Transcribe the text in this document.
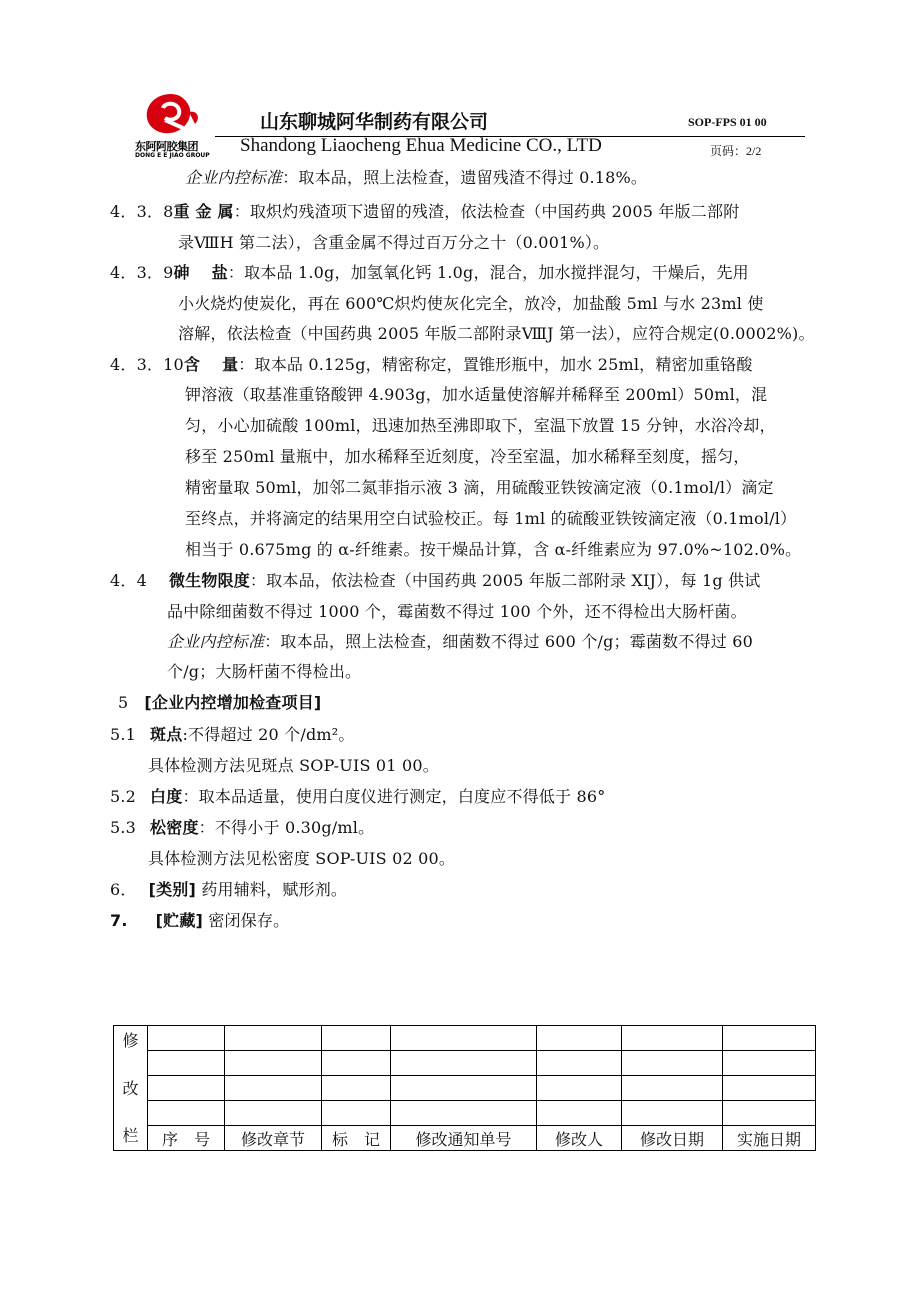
东阿阿胶集团
DONG E E JIAO GROUP
山东聊城阿华制药有限公司	SOP-FPS 01 00
Shandong Liaocheng Ehua Medicine CO., LTD	页码：2/2
企业内控标准：取本品，照上法检查，遗留残渣不得过 0.18%。
4．3．8重 金 属：取炽灼残渣项下遗留的残渣，依法检查（中国药典 2005 年版二部附
录ⅧH 第二法），含重金属不得过百万分之十（0.001%）。
4．3．9砷　 盐：取本品 1.0g，加氢氧化钙 1.0g，混合，加水搅拌混匀，干燥后，先用
小火烧灼使炭化，再在 600℃炽灼使灰化完全，放冷，加盐酸 5ml 与水 23ml 使
溶解，依法检查（中国药典 2005 年版二部附录ⅧJ 第一法），应符合规定(0.0002%)。
4．3．10含　 量：取本品 0.125g，精密称定，置锥形瓶中，加水 25ml，精密加重铬酸
钾溶液（取基准重铬酸钾 4.903g，加水适量使溶解并稀释至 200ml）50ml，混
匀，小心加硫酸 100ml，迅速加热至沸即取下，室温下放置 15 分钟，水浴冷却，
移至 250ml 量瓶中，加水稀释至近刻度，冷至室温，加水稀释至刻度，摇匀，
精密量取 50ml，加邻二氮菲指示液 3 滴，用硫酸亚铁铵滴定液（0.1mol/l）滴定
至终点，并将滴定的结果用空白试验校正。每 1ml 的硫酸亚铁铵滴定液（0.1mol/l）
相当于 0.675mg 的 α-纤维素。按干燥品计算，含 α-纤维素应为 97.0%~102.0%。
4．4 微生物限度：取本品，依法检查（中国药典 2005 年版二部附录 XIJ），每 1g 供试
品中除细菌数不得过 1000 个，霉菌数不得过 100 个外，还不得检出大肠杆菌。
企业内控标准：取本品，照上法检查，细菌数不得过 600 个/g；霉菌数不得过 60
个/g；大肠杆菌不得检出。
5 [企业内控增加检查项目]
5.1 斑点:不得超过 20 个/dm²。
具体检测方法见斑点 SOP-UIS 01 00。
5.2 白度：取本品适量，使用白度仪进行测定，白度应不得低于 86°
5.3 松密度：不得小于 0.30g/ml。
具体检测方法见松密度 SOP-UIS 02 00。
6． [类别] 药用辅料，赋形剂。
7. [贮藏] 密闭保存。
修
改
栏							

	序　号	修改章节	标　记	修改通知单号	修改人	修改日期	实施日期
